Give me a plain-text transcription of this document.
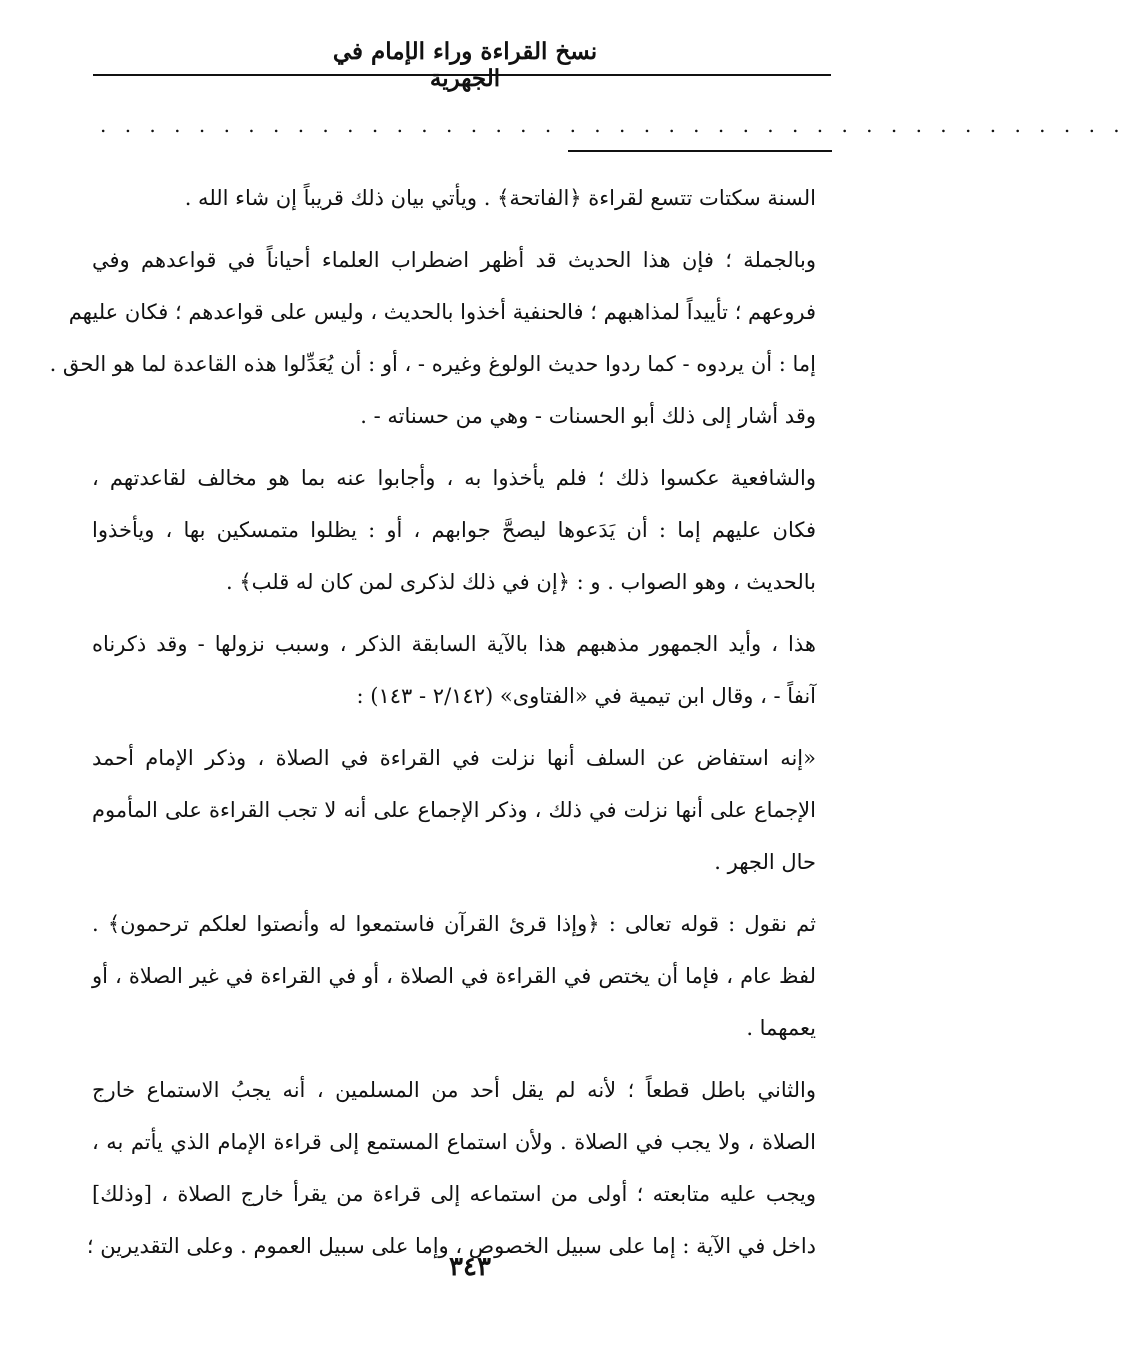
نسخ القراءة وراء الإمام في الجهرية
. . . . . . . . . . . . . . . . . . . . . . . . . . . . . . . . . . . . . . . . . .
السنة سكتات تتسع لقراءة ﴿الفاتحة﴾ . ويأتي بيان ذلك قريباً إن شاء الله .
وبالجملة ؛ فإن هذا الحديث قد أظهر اضطراب العلماء أحياناً في قواعدهم وفي
فروعهم ؛ تأييداً لمذاهبهم ؛ فالحنفية أخذوا بالحديث ، وليس على قواعدهم ؛ فكان عليهم
إما : أن يردوه - كما ردوا حديث الولوغ وغيره - ، أو : أن يُعَدِّلوا هذه القاعدة لما هو الحق .
وقد أشار إلى ذلك أبو الحسنات - وهي من حسناته - .
والشافعية عكسوا ذلك ؛ فلم يأخذوا به ، وأجابوا عنه بما هو مخالف لقاعدتهم ،
فكان عليهم إما : أن يَدَعوها ليصحَّ جوابهم ، أو : يظلوا متمسكين بها ، ويأخذوا
بالحديث ، وهو الصواب . و : ﴿إن في ذلك لذكرى لمن كان له قلب﴾ .
هذا ، وأيد الجمهور مذهبهم هذا بالآية السابقة الذكر ، وسبب نزولها - وقد ذكرناه
آنفاً - ، وقال ابن تيمية في «الفتاوى» (٢/١٤٢ - ١٤٣) :
«إنه استفاض عن السلف أنها نزلت في القراءة في الصلاة ، وذكر الإمام أحمد
الإجماع على أنها نزلت في ذلك ، وذكر الإجماع على أنه لا تجب القراءة على المأموم
حال الجهر .
ثم نقول : قوله تعالى : ﴿وإذا قرئ القرآن فاستمعوا له وأنصتوا لعلكم ترحمون﴾ .
لفظ عام ، فإما أن يختص في القراءة في الصلاة ، أو في القراءة في غير الصلاة ، أو
يعمهما .
والثاني باطل قطعاً ؛ لأنه لم يقل أحد من المسلمين ، أنه يجبُ الاستماع خارج
الصلاة ، ولا يجب في الصلاة . ولأن استماع المستمع إلى قراءة الإمام الذي يأتم به ،
ويجب عليه متابعته ؛ أولى من استماعه إلى قراءة من يقرأ خارج الصلاة ، [وذلك]
داخل في الآية : إما على سبيل الخصوص ، وإما على سبيل العموم . وعلى التقديرين ؛
٣٤٣
